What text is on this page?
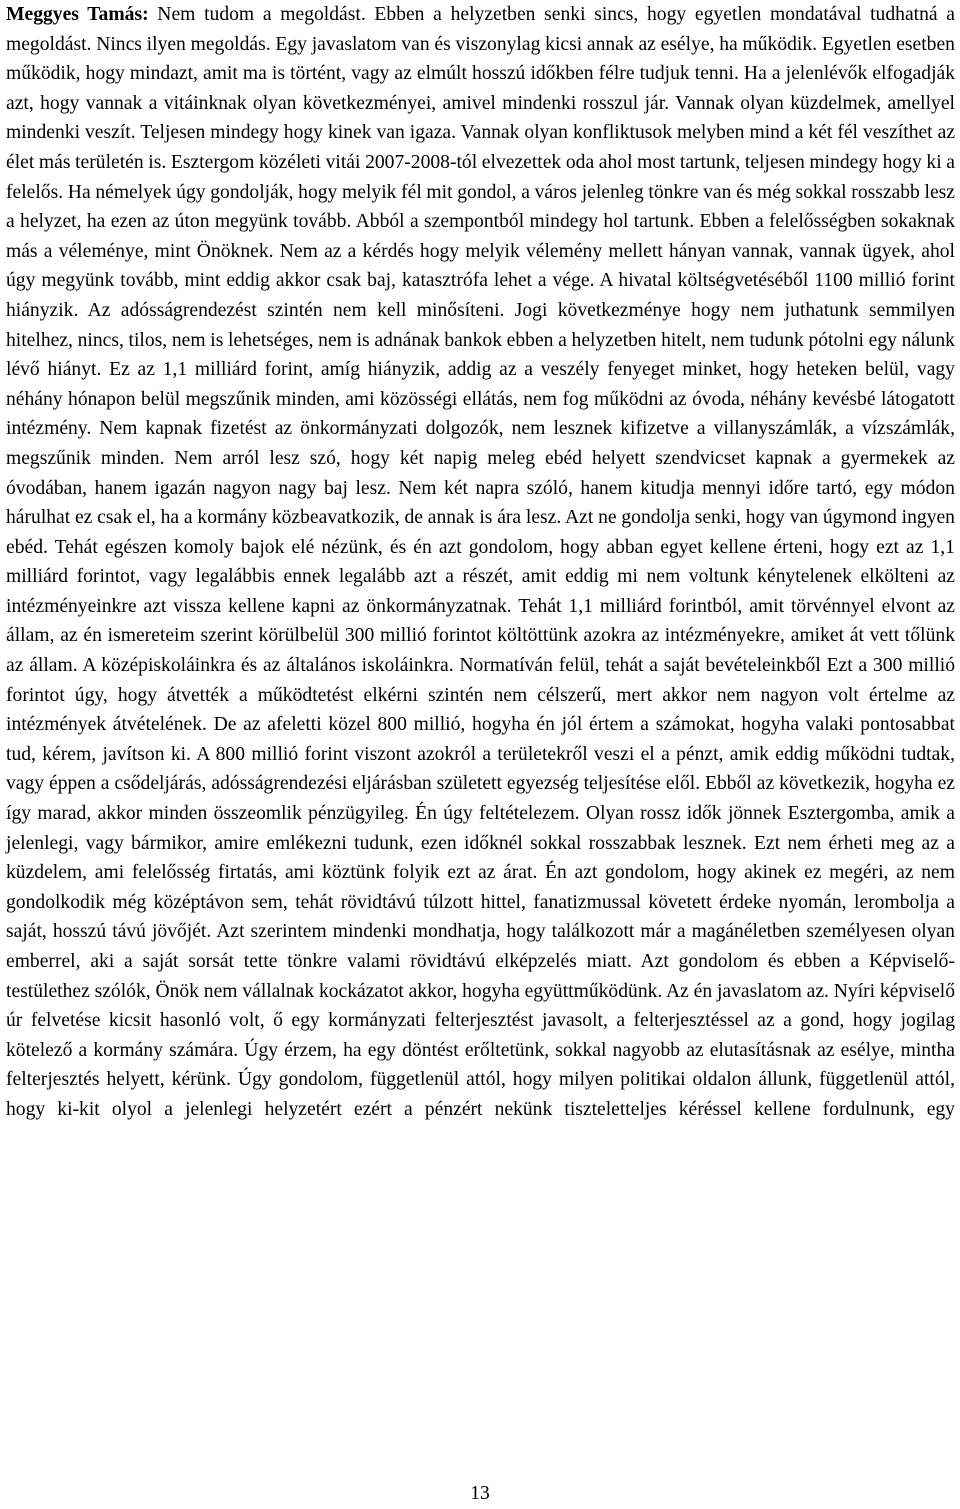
Meggyes Tamás: Nem tudom a megoldást. Ebben a helyzetben senki sincs, hogy egyetlen mondatával tudhatná a megoldást. Nincs ilyen megoldás. Egy javaslatom van és viszonylag kicsi annak az esélye, ha működik. Egyetlen esetben működik, hogy mindazt, amit ma is történt, vagy az elmúlt hosszú időkben félre tudjuk tenni. Ha a jelenlévők elfogadják azt, hogy vannak a vitáinknak olyan következményei, amivel mindenki rosszul jár. Vannak olyan küzdelmek, amellyel mindenki veszít. Teljesen mindegy hogy kinek van igaza. Vannak olyan konfliktusok melyben mind a két fél veszíthet az élet más területén is. Esztergom közéleti vitái 2007-2008-tól elvezettek oda ahol most tartunk, teljesen mindegy hogy ki a felelős. Ha némelyek úgy gondolják, hogy melyik fél mit gondol, a város jelenleg tönkre van és még sokkal rosszabb lesz a helyzet, ha ezen az úton megyünk tovább. Abból a szempontból mindegy hol tartunk. Ebben a felelősségben sokaknak más a véleménye, mint Önöknek. Nem az a kérdés hogy melyik vélemény mellett hányan vannak, vannak ügyek, ahol úgy megyünk tovább, mint eddig akkor csak baj, katasztrófa lehet a vége. A hivatal költségvetéséből 1100 millió forint hiányzik. Az adósságrendezést szintén nem kell minősíteni. Jogi következménye hogy nem juthatunk semmilyen hitelhez, nincs, tilos, nem is lehetséges, nem is adnának bankok ebben a helyzetben hitelt, nem tudunk pótolni egy nálunk lévő hiányt. Ez az 1,1 milliárd forint, amíg hiányzik, addig az a veszély fenyeget minket, hogy heteken belül, vagy néhány hónapon belül megszűnik minden, ami közösségi ellátás, nem fog működni az óvoda, néhány kevésbé látogatott intézmény. Nem kapnak fizetést az önkormányzati dolgozók, nem lesznek kifizetve a villanyszámlák, a vízszámlák, megszűnik minden. Nem arról lesz szó, hogy két napig meleg ebéd helyett szendvicset kapnak a gyermekek az óvodában, hanem igazán nagyon nagy baj lesz. Nem két napra szóló, hanem kitudja mennyi időre tartó, egy módon hárulhat ez csak el, ha a kormány közbeavatkozik, de annak is ára lesz. Azt ne gondolja senki, hogy van úgymond ingyen ebéd. Tehát egészen komoly bajok elé nézünk, és én azt gondolom, hogy abban egyet kellene érteni, hogy ezt az 1,1 milliárd forintot, vagy legalábbis ennek legalább azt a részét, amit eddig mi nem voltunk kénytelenek elkölteni az intézményeinkre azt vissza kellene kapni az önkormányzatnak. Tehát 1,1 milliárd forintból, amit törvénnyel elvont az állam, az én ismereteim szerint körülbelül 300 millió forintot költöttünk azokra az intézményekre, amiket át vett tőlünk az állam. A középiskoláinkra és az általános iskoláinkra. Normatíván felül, tehát a saját bevételeinkből Ezt a 300 millió forintot úgy, hogy átvették a működtetést elkérni szintén nem célszerű, mert akkor nem nagyon volt értelme az intézmények átvételének. De az afeletti közel 800 millió, hogyha én jól értem a számokat, hogyha valaki pontosabbat tud, kérem, javítson ki. A 800 millió forint viszont azokról a területekről veszi el a pénzt, amik eddig működni tudtak, vagy éppen a csődeljárás, adósságrendezési eljárásban született egyezség teljesítése elől. Ebből az következik, hogyha ez így marad, akkor minden összeomlik pénzügyileg. Én úgy feltételezem. Olyan rossz idők jönnek Esztergomba, amik a jelenlegi, vagy bármikor, amire emlékezni tudunk, ezen időknél sokkal rosszabbak lesznek. Ezt nem érheti meg az a küzdelem, ami felelősség firtatás, ami köztünk folyik ezt az árat. Én azt gondolom, hogy akinek ez megéri, az nem gondolkodik még középtávon sem, tehát rövidtávú túlzott hittel, fanatizmussal követett érdeke nyomán, lerombolja a saját, hosszú távú jövőjét. Azt szerintem mindenki mondhatja, hogy találkozott már a magánéletben személyesen olyan emberrel, aki a saját sorsát tette tönkre valami rövidtávú elképzelés miatt. Azt gondolom és ebben a Képviselő-testülethez szólók, Önök nem vállalnak kockázatot akkor, hogyha együttműködünk. Az én javaslatom az. Nyíri képviselő úr felvetése kicsit hasonló volt, ő egy kormányzati felterjesztést javasolt, a felterjesztéssel az a gond, hogy jogilag kötelező a kormány számára. Úgy érzem, ha egy döntést erőltetünk, sokkal nagyobb az elutasításnak az esélye, mintha felterjesztés helyett, kérünk. Úgy gondolom, függetlenül attól, hogy milyen politikai oldalon állunk, függetlenül attól, hogy ki-kit olyol a jelenlegi helyzetért ezért a pénzért nekünk tiszteletteljes kéréssel kellene fordulnunk, egy

13
